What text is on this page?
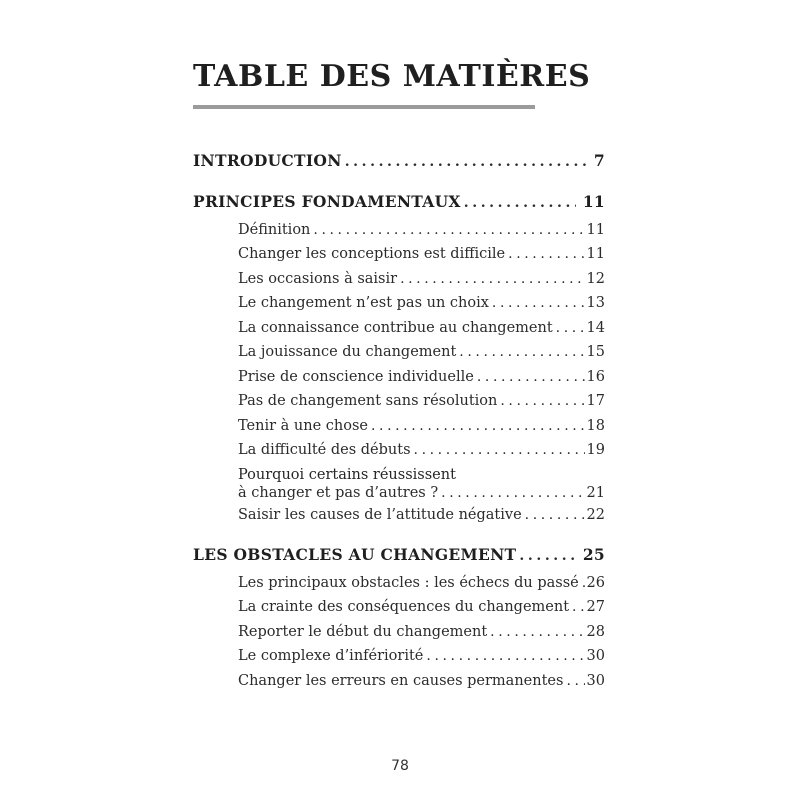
TABLE DES MATIÈRES
INTRODUCTION .....	7
PRINCIPES FONDAMENTAUX .....	11
Définition .....	11
Changer les conceptions est difficile .....	11
Les occasions à saisir .....	12
Le changement n’est pas un choix .....	13
La connaissance contribue au changement ..... 14
La jouissance du changement .....	15
Prise de conscience individuelle .....	16
Pas de changement sans résolution .....	17
Tenir à une chose .....	18
La difficulté des débuts .....	19
Pourquoi certains réussissent
à changer et pas d’autres ? .....	21
Saisir les causes de l’attitude négative .....	22
LES OBSTACLES AU CHANGEMENT .....	25
Les principaux obstacles : les échecs du passé ..... 26
La crainte des conséquences du changement ..... 27
Reporter le début du changement .....	28
Le complexe d’infériorité .....	30
Changer les erreurs en causes permanentes ..... 30
78
